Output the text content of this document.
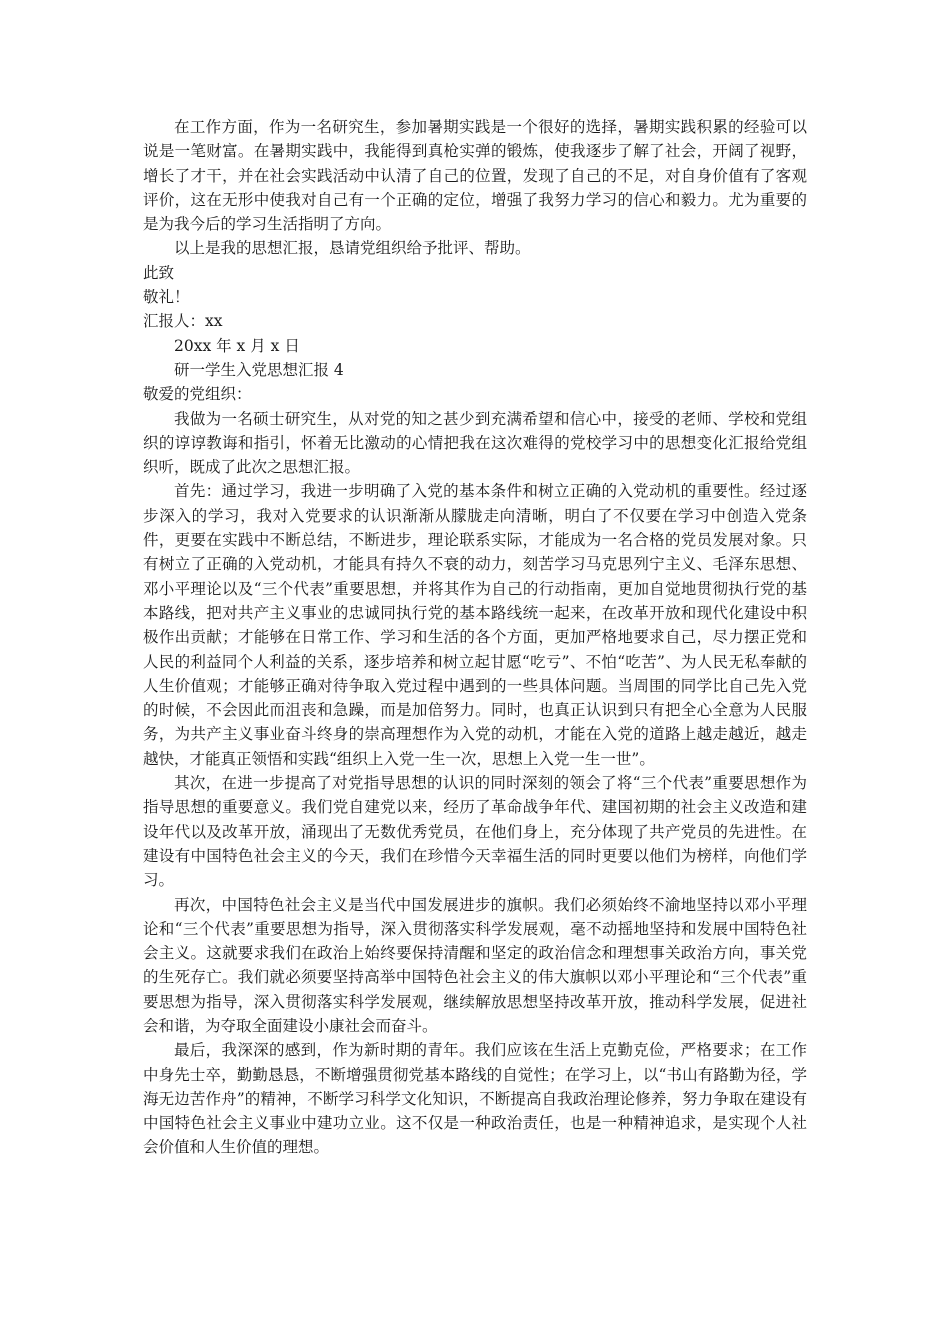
在工作方面，作为一名研究生，参加暑期实践是一个很好的选择，暑期实践积累的经验可以说是一笔财富。在暑期实践中，我能得到真枪实弹的锻炼，使我逐步了解了社会，开阔了视野，增长了才干，并在社会实践活动中认清了自己的位置，发现了自己的不足，对自身价值有了客观评价，这在无形中使我对自己有一个正确的定位，增强了我努力学习的信心和毅力。尤为重要的是为我今后的学习生活指明了方向。

以上是我的思想汇报，恳请党组织给予批评、帮助。

此致

敬礼！

汇报人：xx

20xx 年 x 月 x 日

研一学生入党思想汇报 4

敬爱的党组织：

我做为一名硕士研究生，从对党的知之甚少到充满希望和信心中，接受的老师、学校和党组织的谆谆教诲和指引，怀着无比激动的心情把我在这次难得的党校学习中的思想变化汇报给党组织听，既成了此次之思想汇报。

首先：通过学习，我进一步明确了入党的基本条件和树立正确的入党动机的重要性。经过逐步深入的学习，我对入党要求的认识渐渐从朦胧走向清晰，明白了不仅要在学习中创造入党条件，更要在实践中不断总结，不断进步，理论联系实际，才能成为一名合格的党员发展对象。只有树立了正确的入党动机，才能具有持久不衰的动力，刻苦学习马克思列宁主义、毛泽东思想、邓小平理论以及“三个代表”重要思想，并将其作为自己的行动指南，更加自觉地贯彻执行党的基本路线，把对共产主义事业的忠诚同执行党的基本路线统一起来，在改革开放和现代化建设中积极作出贡献；才能够在日常工作、学习和生活的各个方面，更加严格地要求自己，尽力摆正党和人民的利益同个人利益的关系，逐步培养和树立起甘愿“吃亏”、不怕“吃苦”、为人民无私奉献的人生价值观；才能够正确对待争取入党过程中遇到的一些具体问题。当周围的同学比自己先入党的时候，不会因此而沮丧和急躁，而是加倍努力。同时，也真正认识到只有把全心全意为人民服务，为共产主义事业奋斗终身的崇高理想作为入党的动机，才能在入党的道路上越走越近，越走越快，才能真正领悟和实践“组织上入党一生一次，思想上入党一生一世”。

其次，在进一步提高了对党指导思想的认识的同时深刻的领会了将“三个代表”重要思想作为指导思想的重要意义。我们党自建党以来，经历了革命战争年代、建国初期的社会主义改造和建设年代以及改革开放，涌现出了无数优秀党员，在他们身上，充分体现了共产党员的先进性。在建设有中国特色社会主义的今天，我们在珍惜今天幸福生活的同时更要以他们为榜样，向他们学习。

再次，中国特色社会主义是当代中国发展进步的旗帜。我们必须始终不渝地坚持以邓小平理论和“三个代表”重要思想为指导，深入贯彻落实科学发展观，毫不动摇地坚持和发展中国特色社会主义。这就要求我们在政治上始终要保持清醒和坚定的政治信念和理想事关政治方向，事关党的生死存亡。我们就必须要坚持高举中国特色社会主义的伟大旗帜以邓小平理论和“三个代表”重要思想为指导，深入贯彻落实科学发展观，继续解放思想坚持改革开放，推动科学发展，促进社会和谐，为夺取全面建设小康社会而奋斗。

最后，我深深的感到，作为新时期的青年。我们应该在生活上克勤克俭，严格要求；在工作中身先士卒，勤勤恳恳，不断增强贯彻党基本路线的自觉性；在学习上，以“书山有路勤为径，学海无边苦作舟”的精神，不断学习科学文化知识，不断提高自我政治理论修养，努力争取在建设有中国特色社会主义事业中建功立业。这不仅是一种政治责任，也是一种精神追求，是实现个人社会价值和人生价值的理想。
